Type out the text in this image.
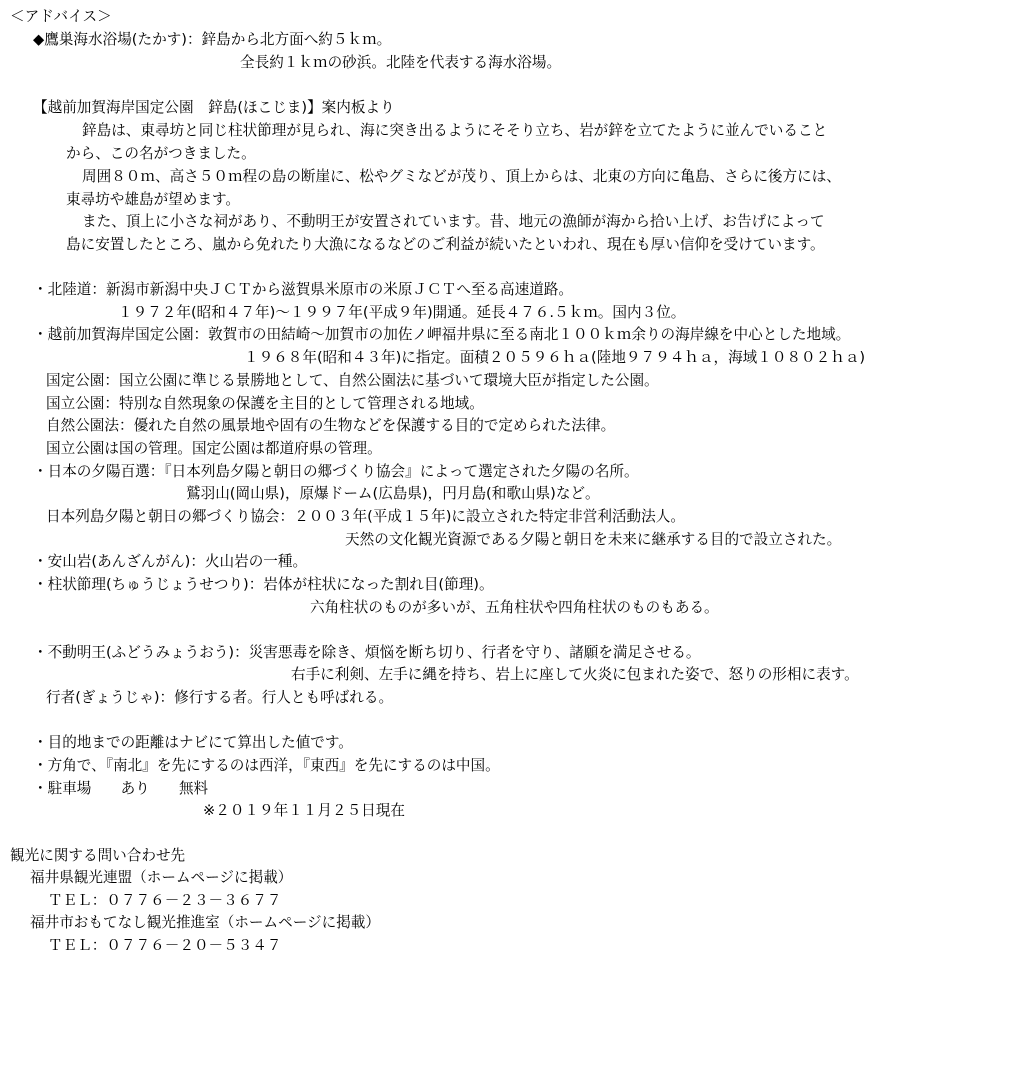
＜アドバイス＞
◆鷹巣海水浴場(たかす)：鋅島から北方面へ約５ｋｍ。
全長約１ｋｍの砂浜。北陸を代表する海水浴場。
【越前加賀海岸国定公園　鋅島(ほこじま)】案内板より
鋅島は、東尋坊と同じ柱状節理が見られ、海に突き出るようにそそり立ち、岩が鋅を立てたように並んでいること
から、この名がつきました。
周囲８０ｍ、高さ５０ｍ程の島の断崖に、松やグミなどが茂り、頂上からは、北東の方向に亀島、さらに後方には、
東尋坊や雄島が望めます。
また、頂上に小さな祠があり、不動明王が安置されています。昔、地元の漁師が海から拾い上げ、お告げによって
島に安置したところ、嵐から免れたり大漁になるなどのご利益が続いたといわれ、現在も厚い信仰を受けています。
・北陸道：新潟市新潟中央ＪＣＴから滋賀県米原市の米原ＪＣＴへ至る高速道路。
１９７２年(昭和４７年)～１９９７年(平成９年)開通。延長４７６.５ｋｍ。国内３位。
・越前加賀海岸国定公園：敦賀市の田結崎～加賀市の加佐ノ岬福井県に至る南北１００ｋｍ余りの海岸線を中心とした地域。
１９６８年(昭和４３年)に指定。面積２０５９６ｈａ(陸地９７９４ｈａ，海域１０８０２ｈａ)
国定公園：国立公園に準じる景勝地として、自然公園法に基づいて環境大臣が指定した公園。
国立公園：特別な自然現象の保護を主目的として管理される地域。
自然公園法：優れた自然の風景地や固有の生物などを保護する目的で定められた法律。
国立公園は国の管理。国定公園は都道府県の管理。
・日本の夕陽百選：『日本列島夕陽と朝日の郷づくり協会』によって選定された夕陽の名所。
鷲羽山(岡山県)，原爆ドーム(広島県)，円月島(和歌山県)など。
日本列島夕陽と朝日の郷づくり協会：２００３年(平成１５年)に設立された特定非営利活動法人。
天然の文化観光資源である夕陽と朝日を未来に継承する目的で設立された。
・安山岩(あんざんがん)：火山岩の一種。
・柱状節理(ちゅうじょうせつり)：岩体が柱状になった割れ目(節理)。
六角柱状のものが多いが、五角柱状や四角柱状のものもある。
・不動明王(ふどうみょうおう)：災害悪毒を除き、煩悩を断ち切り、行者を守り、諸願を満足させる。
右手に利剣、左手に縄を持ち、岩上に座して火炎に包まれた姿で、怒りの形相に表す。
行者(ぎょうじゃ)：修行する者。行人とも呼ばれる。
・目的地までの距離はナビにて算出した値です。
・方角で、『南北』を先にするのは西洋，『東西』を先にするのは中国。
・駐車場　　あり　　無料
※２０１９年１１月２５日現在
観光に関する問い合わせ先
福井県観光連盟（ホームページに掲載）
ＴＥＬ：０７７６－２３－３６７７
福井市おもてなし観光推進室（ホームページに掲載）
ＴＥＬ：０７７６－２０－５３４７
